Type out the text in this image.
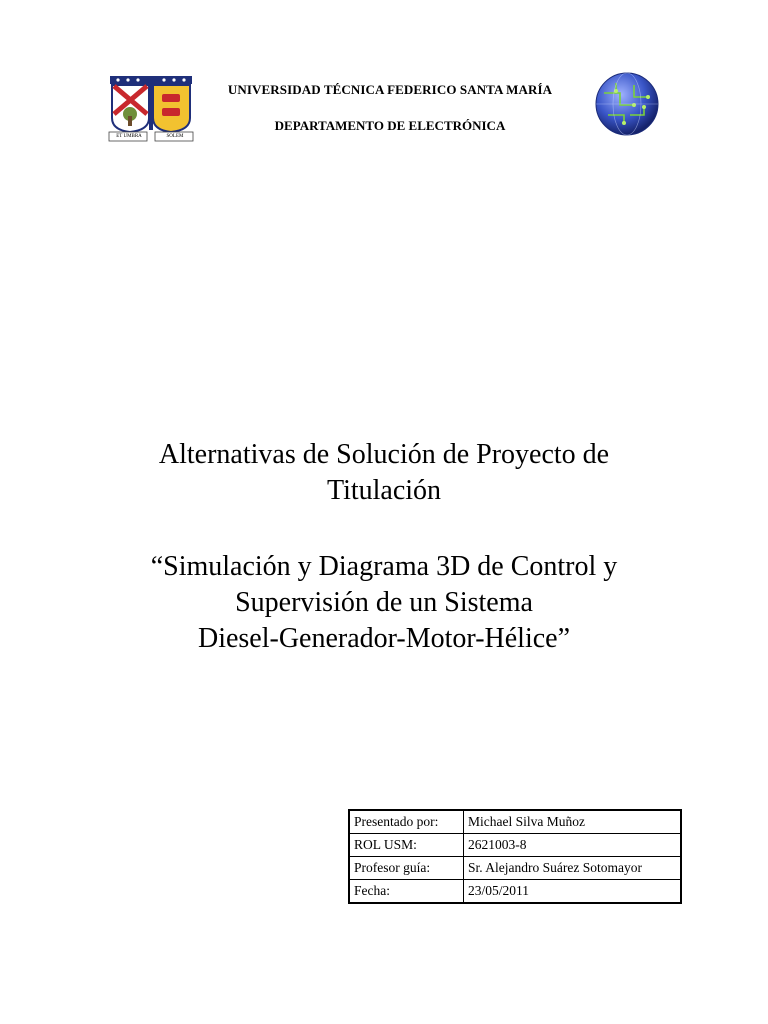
ET UMBRA	SOLEM
UNIVERSIDAD TÉCNICA FEDERICO SANTA MARÍA
DEPARTAMENTO DE ELECTRÓNICA
Alternativas de Solución de Proyecto de
Titulación
“Simulación y Diagrama 3D de Control y
Supervisión de un Sistema
Diesel-Generador-Motor-Hélice”
Presentado por:	Michael Silva Muñoz
ROL USM:	2621003-8
Profesor guía:	Sr. Alejandro Suárez Sotomayor
Fecha:	23/05/2011
